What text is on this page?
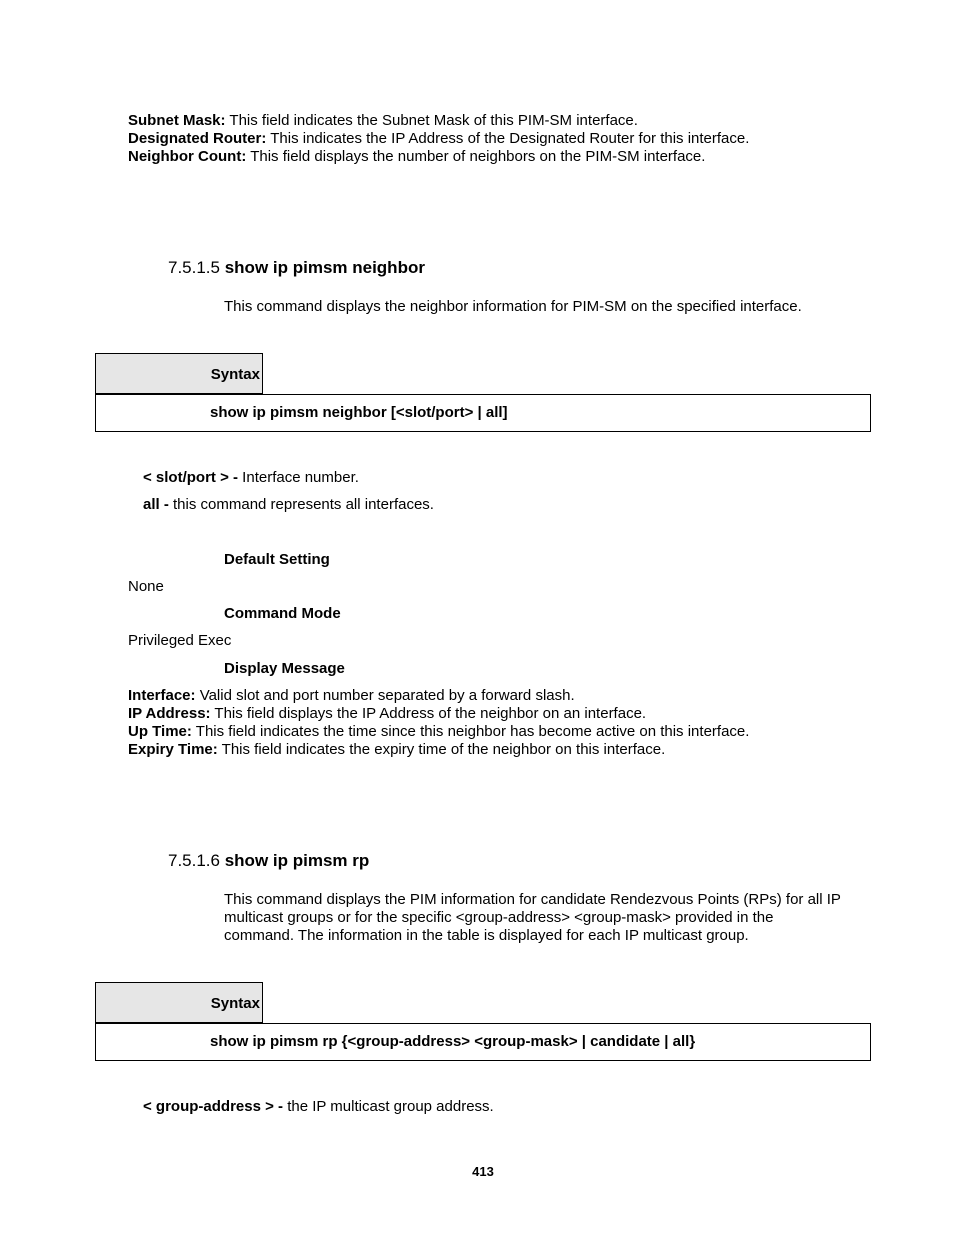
Subnet Mask: This field indicates the Subnet Mask of this PIM-SM interface.
Designated Router: This indicates the IP Address of the Designated Router for this interface.
Neighbor Count: This field displays the number of neighbors on the PIM-SM interface.
7.5.1.5 show ip pimsm neighbor
This command displays the neighbor information for PIM-SM on the specified interface.
Syntax
show ip pimsm neighbor [<slot/port> | all]
< slot/port > - Interface number.
all - this command represents all interfaces.
Default Setting
None
Command Mode
Privileged Exec
Display Message
Interface: Valid slot and port number separated by a forward slash.
IP Address: This field displays the IP Address of the neighbor on an interface.
Up Time: This field indicates the time since this neighbor has become active on this interface.
Expiry Time: This field indicates the expiry time of the neighbor on this interface.
7.5.1.6 show ip pimsm rp
This command displays the PIM information for candidate Rendezvous Points (RPs) for all IP
multicast groups or for the specific <group-address> <group-mask> provided in the
command. The information in the table is displayed for each IP multicast group.
Syntax
show ip pimsm rp {<group-address> <group-mask> | candidate | all}
< group-address > - the IP multicast group address.
413
